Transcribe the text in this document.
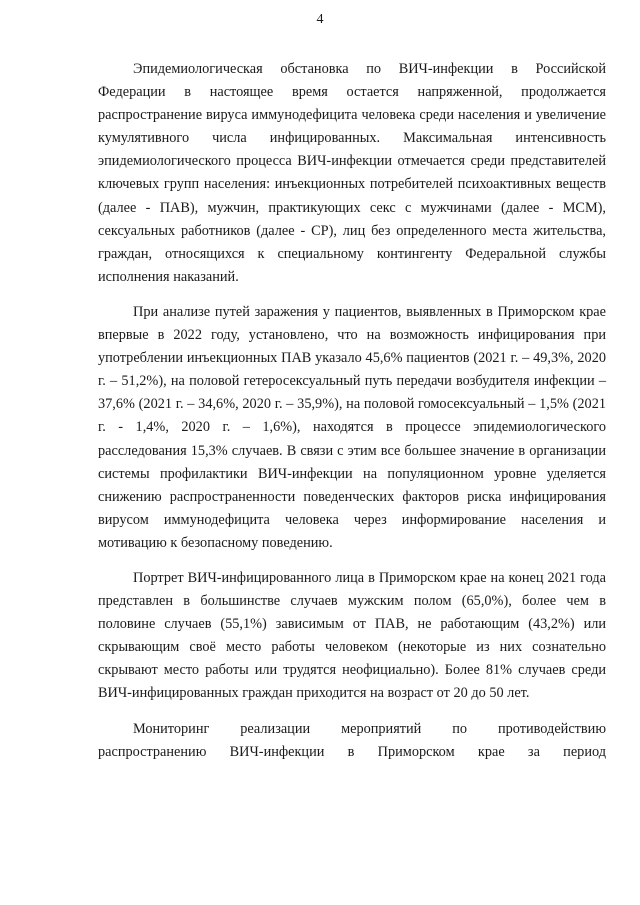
4

Эпидемиологическая обстановка по ВИЧ-инфекции в Российской Федерации в настоящее время остается напряженной, продолжается распространение вируса иммунодефицита человека среди населения и увеличение кумулятивного числа инфицированных. Максимальная интенсивность эпидемиологического процесса ВИЧ-инфекции отмечается среди представителей ключевых групп населения: инъекционных потребителей психоактивных веществ (далее - ПАВ), мужчин, практикующих секс с мужчинами (далее - МСМ), сексуальных работников (далее - СР), лиц без определенного места жительства, граждан, относящихся к специальному контингенту Федеральной службы исполнения наказаний.

При анализе путей заражения у пациентов, выявленных в Приморском крае впервые в 2022 году, установлено, что на возможность инфицирования при употреблении инъекционных ПАВ указало 45,6% пациентов (2021 г. – 49,3%, 2020 г. – 51,2%), на половой гетеросексуальный путь передачи возбудителя инфекции – 37,6% (2021 г. – 34,6%, 2020 г. – 35,9%), на половой гомосексуальный – 1,5% (2021 г. - 1,4%, 2020 г. – 1,6%), находятся в процессе эпидемиологического расследования 15,3% случаев. В связи с этим все большее значение в организации системы профилактики ВИЧ-инфекции на популяционном уровне уделяется снижению распространенности поведенческих факторов риска инфицирования вирусом иммунодефицита человека через информирование населения и мотивацию к безопасному поведению.

Портрет ВИЧ-инфицированного лица в Приморском крае на конец 2021 года представлен в большинстве случаев мужским полом (65,0%), более чем в половине случаев (55,1%) зависимым от ПАВ, не работающим (43,2%) или скрывающим своё место работы человеком (некоторые из них сознательно скрывают место работы или трудятся неофициально). Более 81% случаев среди ВИЧ-инфицированных граждан приходится на возраст от 20 до 50 лет.

Мониторинг реализации мероприятий по противодействию распространению ВИЧ-инфекции в Приморском крае за период
